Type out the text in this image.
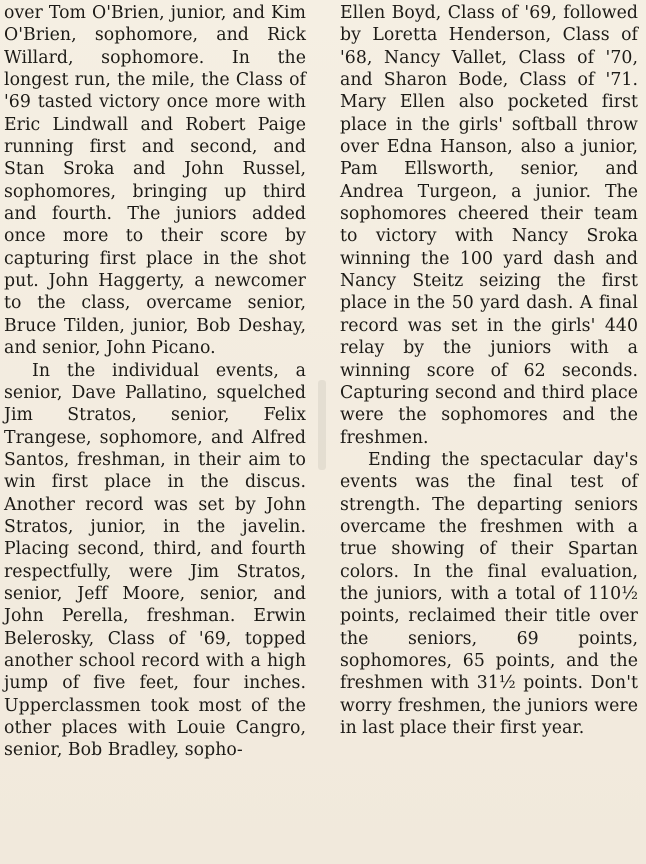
over Tom O'Brien, junior, and Kim O'Brien, sophomore, and Rick Willard, sophomore. In the longest run, the mile, the Class of '69 tasted victory once more with Eric Lindwall and Robert Paige running first and second, and Stan Sroka and John Russel, sophomores, bringing up third and fourth. The juniors added once more to their score by capturing first place in the shot put. John Haggerty, a newcomer to the class, overcame senior, Bruce Tilden, junior, Bob Deshay, and senior, John Picano.

In the individual events, a senior, Dave Pallatino, squelched Jim Stratos, senior, Felix Trangese, sophomore, and Alfred Santos, freshman, in their aim to win first place in the discus. Another record was set by John Stratos, junior, in the javelin. Placing second, third, and fourth respectfully, were Jim Stratos, senior, Jeff Moore, senior, and John Perella, freshman. Erwin Belerosky, Class of '69, topped another school record with a high jump of five feet, four inches. Upperclassmen took most of the other places with Louie Cangro, senior, Bob Bradley, sopho-

Ellen Boyd, Class of '69, followed by Loretta Henderson, Class of '68, Nancy Vallet, Class of '70, and Sharon Bode, Class of '71. Mary Ellen also pocketed first place in the girls' softball throw over Edna Hanson, also a junior, Pam Ellsworth, senior, and Andrea Turgeon, a junior. The sophomores cheered their team to victory with Nancy Sroka winning the 100 yard dash and Nancy Steitz seizing the first place in the 50 yard dash. A final record was set in the girls' 440 relay by the juniors with a winning score of 62 seconds. Capturing second and third place were the sophomores and the freshmen.

Ending the spectacular day's events was the final test of strength. The departing seniors overcame the freshmen with a true showing of their Spartan colors. In the final evaluation, the juniors, with a total of 110½ points, reclaimed their title over the seniors, 69 points, sophomores, 65 points, and the freshmen with 31½ points. Don't worry freshmen, the juniors were in last place their first year.
